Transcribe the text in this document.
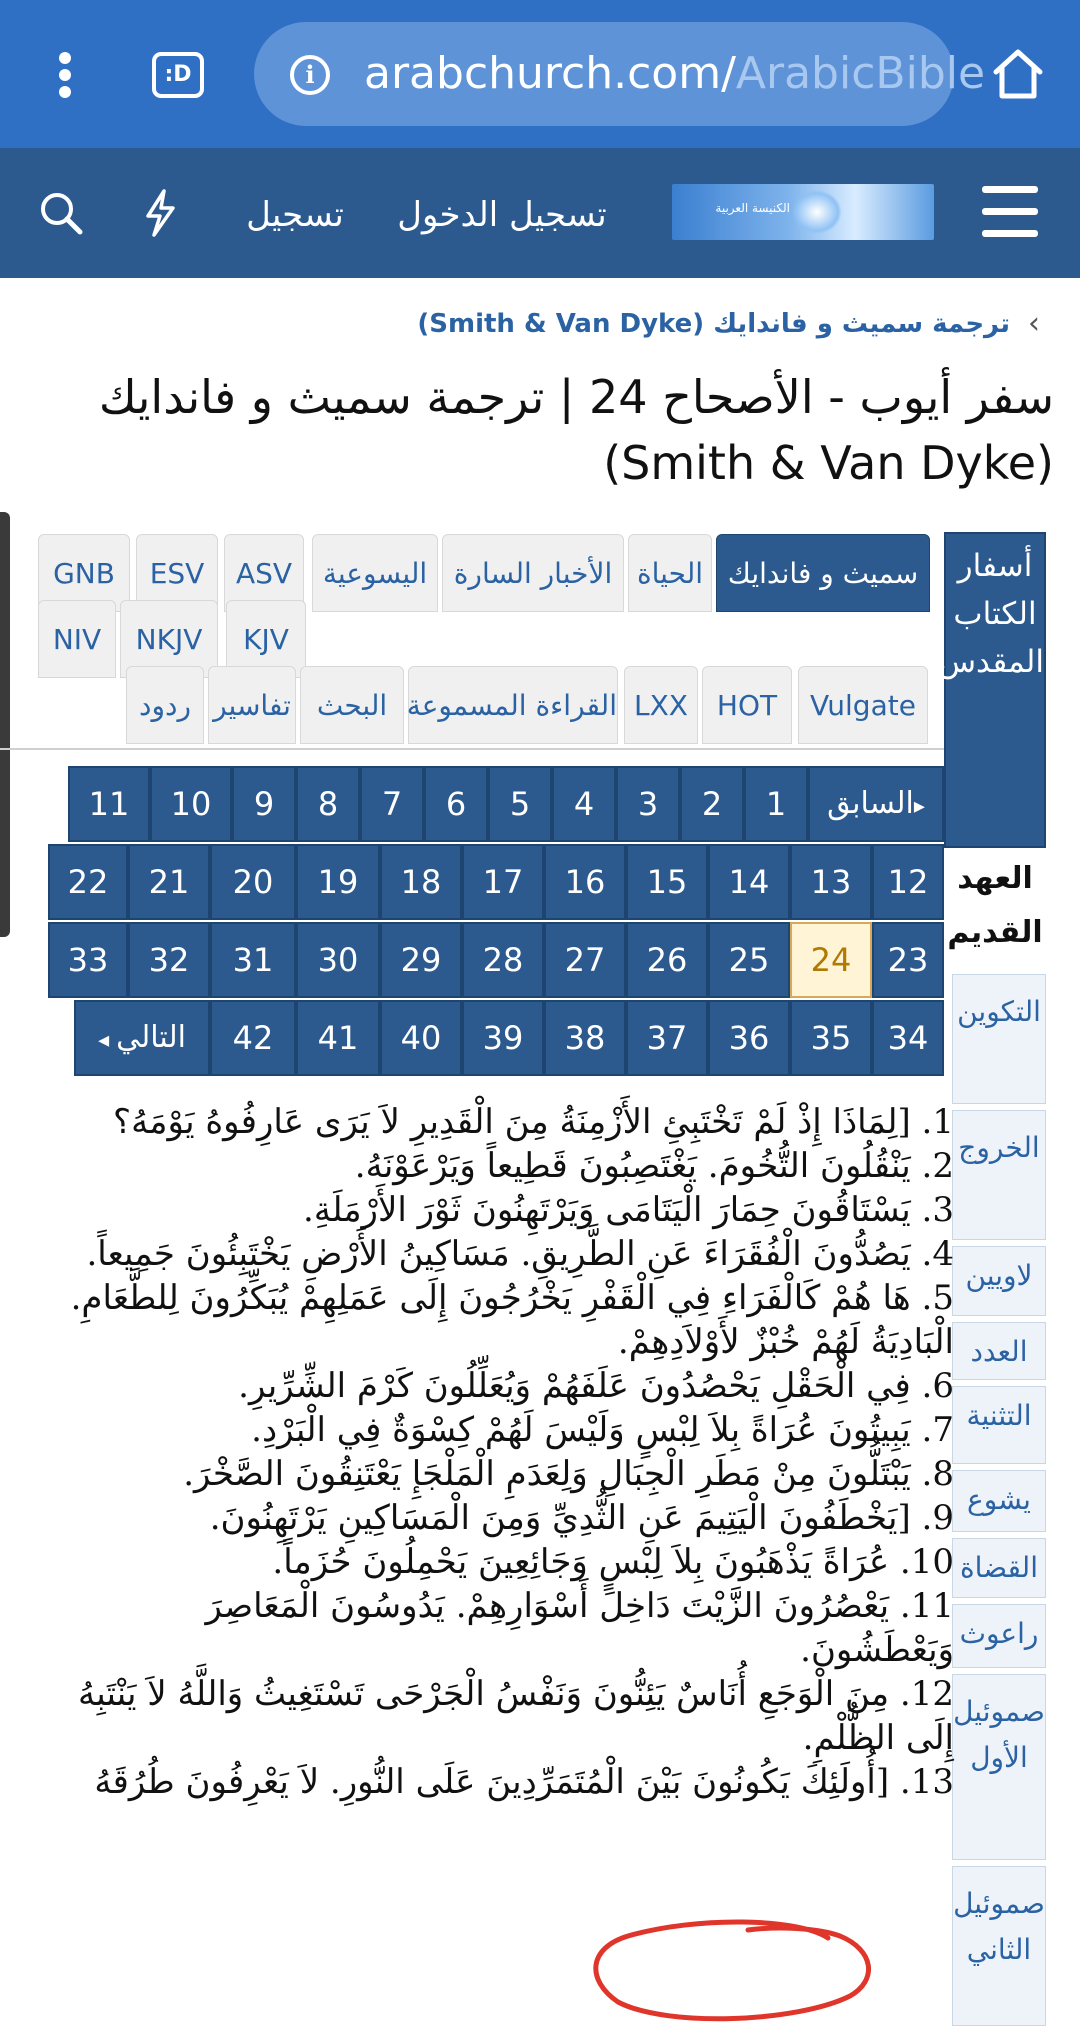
:D	i	arabchurch.com/ArabicBible
تسجيل تسجيل الدخول	الكنيسة العربية
‹
ترجمة سميث و فاندايك (Smith & Van Dyke)
سفر أيوب - الأصحاح 24 | ترجمة سميث و فاندايك (Smith & Van Dyke)
أسفار الكتاب المقدس
العهد القديم
التكوين
الخروج
لاويين
العدد
التثنية
يشوع
القضاة
راعوث
صموئيل الأول
صموئيل الثاني
سميث و فاندايك
الحياة
الأخبار السارة
اليسوعية
ASV
ESV
GNB
KJV
NKJV
NIV
Vulgate
HOT
LXX
القراءة المسموعة
البحث
تفاسير
ردود
▸السابق
1
2
3
4
5
6
7
8
9
10
11
12
13
14
15
16
17
18
19
20
21
22
23
24
25
26
27
28
29
30
31
32
33
34
35
36
37
38
39
40
41
42
التالي ◂

1. [لِمَاذَا إِذْ لَمْ تَخْتَبِئِ الأَزْمِنَةُ مِنَ الْقَدِيرِ لاَ يَرَى عَارِفُوهُ يَوْمَهُ؟

2. يَنْقُلُونَ التُّخُومَ. يَغْتَصِبُونَ قَطِيعاً وَيَرْعَوْنَهُ.

3. يَسْتَاقُونَ حِمَارَ الْيَتَامَى وَيَرْتَهِنُونَ ثَوْرَ الأَرْمَلَةِ.

4. يَصُدُّونَ الْفُقَرَاءَ عَنِ الطَّرِيقِ. مَسَاكِينُ الأَرْضِ يَخْتَبِئُونَ جَمِيعاً.

5. هَا هُمْ كَالْفَرَاءِ فِي الْقَفْرِ يَخْرُجُونَ إِلَى عَمَلِهِمْ يُبَكِّرُونَ لِلطَّعَامِ. الْبَادِيَةُ لَهُمْ خُبْزٌ لأَوْلاَدِهِمْ.

6. فِي الْحَقْلِ يَحْصُدُونَ عَلَفَهُمْ وَيُعَلِّلُونَ كَرْمَ الشِّرِّيرِ.

7. يَبِيتُونَ عُرَاةً بِلاَ لِبْسٍ وَلَيْسَ لَهُمْ كِسْوَةٌ فِي الْبَرْدِ.

8. يَبْتَلُّونَ مِنْ مَطَرِ الْجِبَالِ وَلِعَدَمِ الْمَلْجَإِ يَعْتَنِقُونَ الصَّخْرَ.

9. [يَخْطَفُونَ الْيَتِيمَ عَنِ الثُّدِيِّ وَمِنَ الْمَسَاكِينِ يَرْتَهِنُونَ.

10. عُرَاةً يَذْهَبُونَ بِلاَ لِبْسٍ وَجَائِعِينَ يَحْمِلُونَ حُزَماً.

11. يَعْصُرُونَ الزَّيْتَ دَاخِلَ أَسْوَارِهِمْ. يَدُوسُونَ الْمَعَاصِرَ وَيَعْطَشُونَ.

12. مِنَ الْوَجَعِ أُنَاسٌ يَئِنُّونَ وَنَفْسُ الْجَرْحَى تَسْتَغِيثُ وَاللَّهُ لاَ يَنْتَبِهُ إِلَى الظُّلْمِ.

13. [أُولَئِكَ يَكُونُونَ بَيْنَ الْمُتَمَرِّدِينَ عَلَى النُّورِ. لاَ يَعْرِفُونَ طُرُقَهُ
